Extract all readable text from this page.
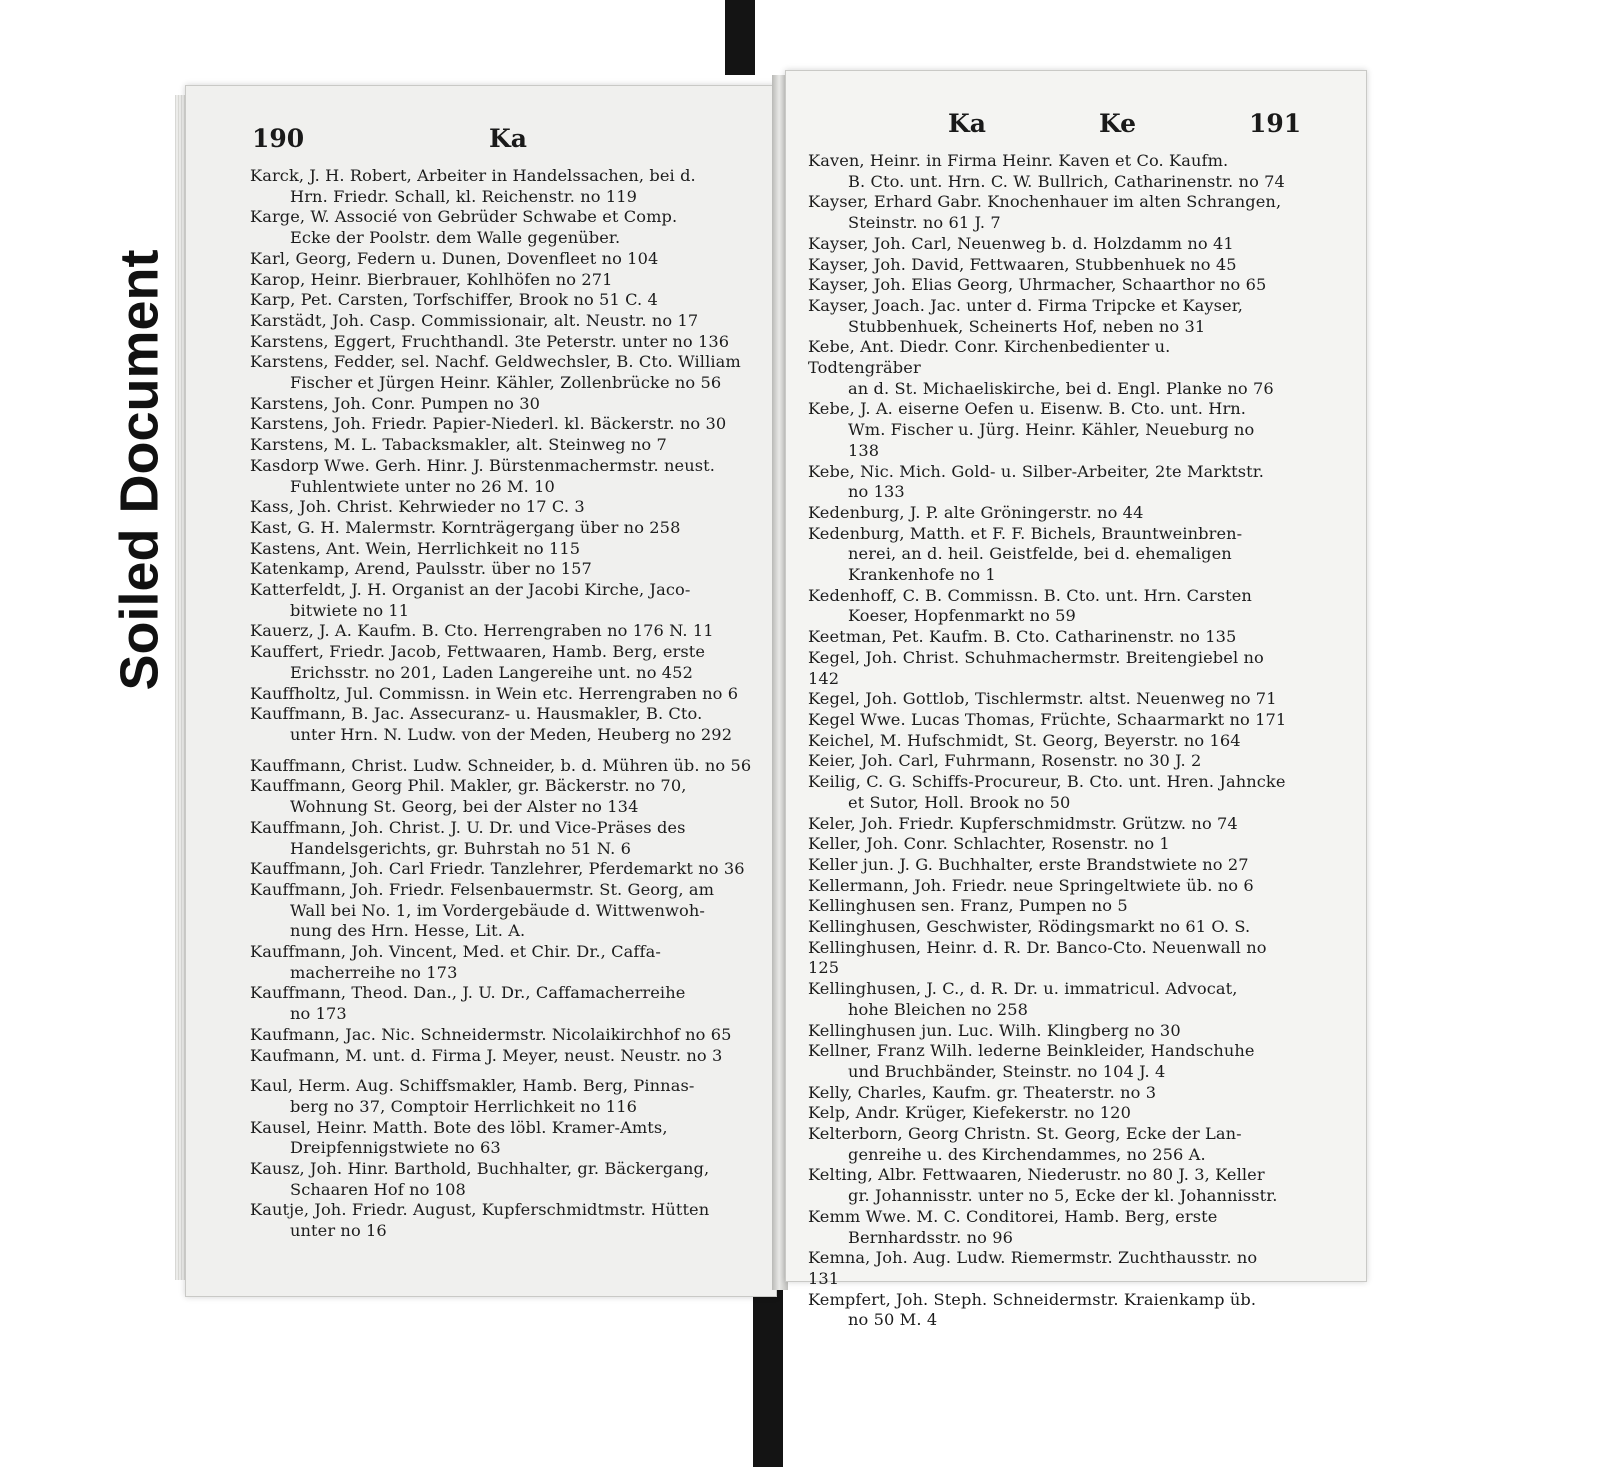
Soiled Document
190	Ka
Karck, J. H. Robert, Arbeiter in Handelssachen, bei d.
Hrn. Friedr. Schall, kl. Reichenstr. no 119
Karge, W. Associé von Gebrüder Schwabe et Comp.
Ecke der Poolstr. dem Walle gegenüber.
Karl, Georg, Federn u. Dunen, Dovenfleet no 104
Karop, Heinr. Bierbrauer, Kohlhöfen no 271
Karp, Pet. Carsten, Torfschiffer, Brook no 51 C. 4
Karstädt, Joh. Casp. Commissionair, alt. Neustr. no 17
Karstens, Eggert, Fruchthandl. 3te Peterstr. unter no 136
Karstens, Fedder, sel. Nachf. Geldwechsler, B. Cto. William
Fischer et Jürgen Heinr. Kähler, Zollenbrücke no 56
Karstens, Joh. Conr. Pumpen no 30
Karstens, Joh. Friedr. Papier-Niederl. kl. Bäckerstr. no 30
Karstens, M. L. Tabacksmakler, alt. Steinweg no 7
Kasdorp Wwe. Gerh. Hinr. J. Bürstenmachermstr. neust.
Fuhlentwiete unter no 26 M. 10
Kass, Joh. Christ. Kehrwieder no 17 C. 3
Kast, G. H. Malermstr. Kornträgergang über no 258
Kastens, Ant. Wein, Herrlichkeit no 115
Katenkamp, Arend, Paulsstr. über no 157
Katterfeldt, J. H. Organist an der Jacobi Kirche, Jaco-
bitwiete no 11
Kauerz, J. A. Kaufm. B. Cto. Herrengraben no 176 N. 11
Kauffert, Friedr. Jacob, Fettwaaren, Hamb. Berg, erste
Erichsstr. no 201, Laden Langereihe unt. no 452
Kauffholtz, Jul. Commissn. in Wein etc. Herrengraben no 6
Kauffmann, B. Jac. Assecuranz- u. Hausmakler, B. Cto.
unter Hrn. N. Ludw. von der Meden, Heuberg no 292
Kauffmann, Christ. Ludw. Schneider, b. d. Mühren üb. no 56
Kauffmann, Georg Phil. Makler, gr. Bäckerstr. no 70,
Wohnung St. Georg, bei der Alster no 134
Kauffmann, Joh. Christ. J. U. Dr. und Vice-Präses des
Handelsgerichts, gr. Buhrstah no 51 N. 6
Kauffmann, Joh. Carl Friedr. Tanzlehrer, Pferdemarkt no 36
Kauffmann, Joh. Friedr. Felsenbauermstr. St. Georg, am
Wall bei No. 1, im Vordergebäude d. Wittwenwoh-
nung des Hrn. Hesse, Lit. A.
Kauffmann, Joh. Vincent, Med. et Chir. Dr., Caffa-
macherreihe no 173
Kauffmann, Theod. Dan., J. U. Dr., Caffamacherreihe
no 173
Kaufmann, Jac. Nic. Schneidermstr. Nicolaikirchhof no 65
Kaufmann, M. unt. d. Firma J. Meyer, neust. Neustr. no 3
Kaul, Herm. Aug. Schiffsmakler, Hamb. Berg, Pinnas-
berg no 37, Comptoir Herrlichkeit no 116
Kausel, Heinr. Matth. Bote des löbl. Kramer-Amts,
Dreipfennigstwiete no 63
Kausz, Joh. Hinr. Barthold, Buchhalter, gr. Bäckergang,
Schaaren Hof no 108
Kautje, Joh. Friedr. August, Kupferschmidtmstr. Hütten
unter no 16
Ka	Ke	191
Kaven, Heinr. in Firma Heinr. Kaven et Co. Kaufm.
B. Cto. unt. Hrn. C. W. Bullrich, Catharinenstr. no 74
Kayser, Erhard Gabr. Knochenhauer im alten Schrangen,
Steinstr. no 61 J. 7
Kayser, Joh. Carl, Neuenweg b. d. Holzdamm no 41
Kayser, Joh. David, Fettwaaren, Stubbenhuek no 45
Kayser, Joh. Elias Georg, Uhrmacher, Schaarthor no 65
Kayser, Joach. Jac. unter d. Firma Tripcke et Kayser,
Stubbenhuek, Scheinerts Hof, neben no 31
Kebe, Ant. Diedr. Conr. Kirchenbedienter u. Todtengräber
an d. St. Michaeliskirche, bei d. Engl. Planke no 76
Kebe, J. A. eiserne Oefen u. Eisenw. B. Cto. unt. Hrn.
Wm. Fischer u. Jürg. Heinr. Kähler, Neueburg no 138
Kebe, Nic. Mich. Gold- u. Silber-Arbeiter, 2te Marktstr.
no 133
Kedenburg, J. P. alte Gröningerstr. no 44
Kedenburg, Matth. et F. F. Bichels, Brauntweinbren-
nerei, an d. heil. Geistfelde, bei d. ehemaligen
Krankenhofe no 1
Kedenhoff, C. B. Commissn. B. Cto. unt. Hrn. Carsten
Koeser, Hopfenmarkt no 59
Keetman, Pet. Kaufm. B. Cto. Catharinenstr. no 135
Kegel, Joh. Christ. Schuhmachermstr. Breitengiebel no 142
Kegel, Joh. Gottlob, Tischlermstr. altst. Neuenweg no 71
Kegel Wwe. Lucas Thomas, Früchte, Schaarmarkt no 171
Keichel, M. Hufschmidt, St. Georg, Beyerstr. no 164
Keier, Joh. Carl, Fuhrmann, Rosenstr. no 30 J. 2
Keilig, C. G. Schiffs-Procureur, B. Cto. unt. Hren. Jahncke
et Sutor, Holl. Brook no 50
Keler, Joh. Friedr. Kupferschmidmstr. Grützw. no 74
Keller, Joh. Conr. Schlachter, Rosenstr. no 1
Keller jun. J. G. Buchhalter, erste Brandstwiete no 27
Kellermann, Joh. Friedr. neue Springeltwiete üb. no 6
Kellinghusen sen. Franz, Pumpen no 5
Kellinghusen, Geschwister, Rödingsmarkt no 61 O. S.
Kellinghusen, Heinr. d. R. Dr. Banco-Cto. Neuenwall no 125
Kellinghusen, J. C., d. R. Dr. u. immatricul. Advocat,
hohe Bleichen no 258
Kellinghusen jun. Luc. Wilh. Klingberg no 30
Kellner, Franz Wilh. lederne Beinkleider, Handschuhe
und Bruchbänder, Steinstr. no 104 J. 4
Kelly, Charles, Kaufm. gr. Theaterstr. no 3
Kelp, Andr. Krüger, Kiefekerstr. no 120
Kelterborn, Georg Christn. St. Georg, Ecke der Lan-
genreihe u. des Kirchendammes, no 256 A.
Kelting, Albr. Fettwaaren, Niederustr. no 80 J. 3, Keller
gr. Johannisstr. unter no 5, Ecke der kl. Johannisstr.
Kemm Wwe. M. C. Conditorei, Hamb. Berg, erste
Bernhardsstr. no 96
Kemna, Joh. Aug. Ludw. Riemermstr. Zuchthausstr. no 131
Kempfert, Joh. Steph. Schneidermstr. Kraienkamp üb.
no 50 M. 4
